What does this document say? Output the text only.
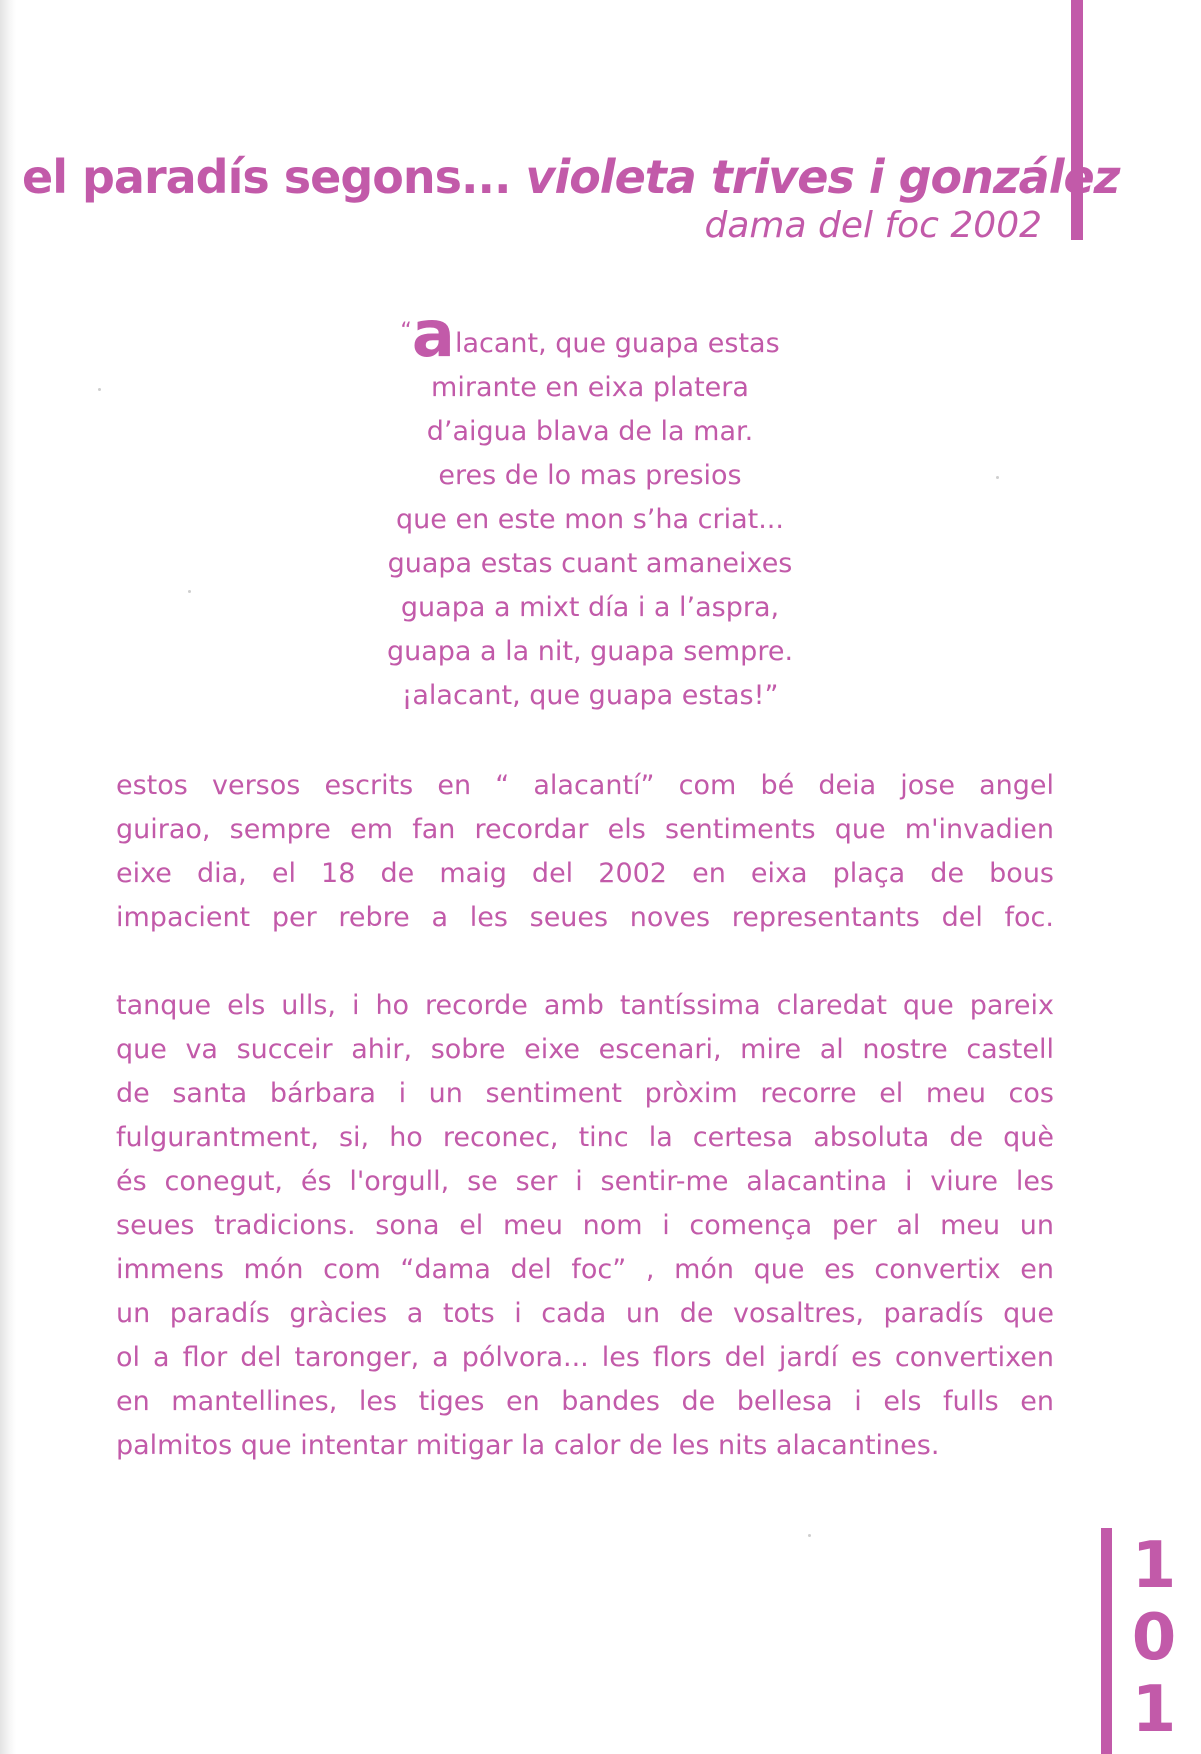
el paradís segons... violeta trives i gonzález
dama del foc 2002
“alacant, que guapa estas
mirante en eixa platera
d’aigua blava de la mar.
eres de lo mas presios
que en este mon s’ha criat...
guapa estas cuant amaneixes
guapa a mixt día i a l’aspra,
guapa a la nit, guapa sempre.
¡alacant, que guapa estas!”
estos versos escrits en “ alacantí” com bé deia jose angel
guirao, sempre em fan recordar els sentiments que m'invadien
eixe dia, el 18 de maig del 2002 en eixa plaça de bous
impacient per rebre a les seues noves representants del foc.
tanque els ulls, i ho recorde amb tantíssima claredat que pareix
que va succeir ahir, sobre eixe escenari, mire al nostre castell
de santa bárbara i un sentiment pròxim recorre el meu cos
fulgurantment, si, ho reconec, tinc la certesa absoluta de què
és conegut, és l'orgull, se ser i sentir-me alacantina i viure les
seues tradicions. sona el meu nom i comença per al meu un
immens món com “dama del foc” , món que es convertix en
un paradís gràcies a tots i cada un de vosaltres, paradís que
ol a flor del taronger, a pólvora... les flors del jardí es convertixen
en mantellines, les tiges en bandes de bellesa i els fulls en
palmitos que intentar mitigar la calor de les nits alacantines.
1
0
1
